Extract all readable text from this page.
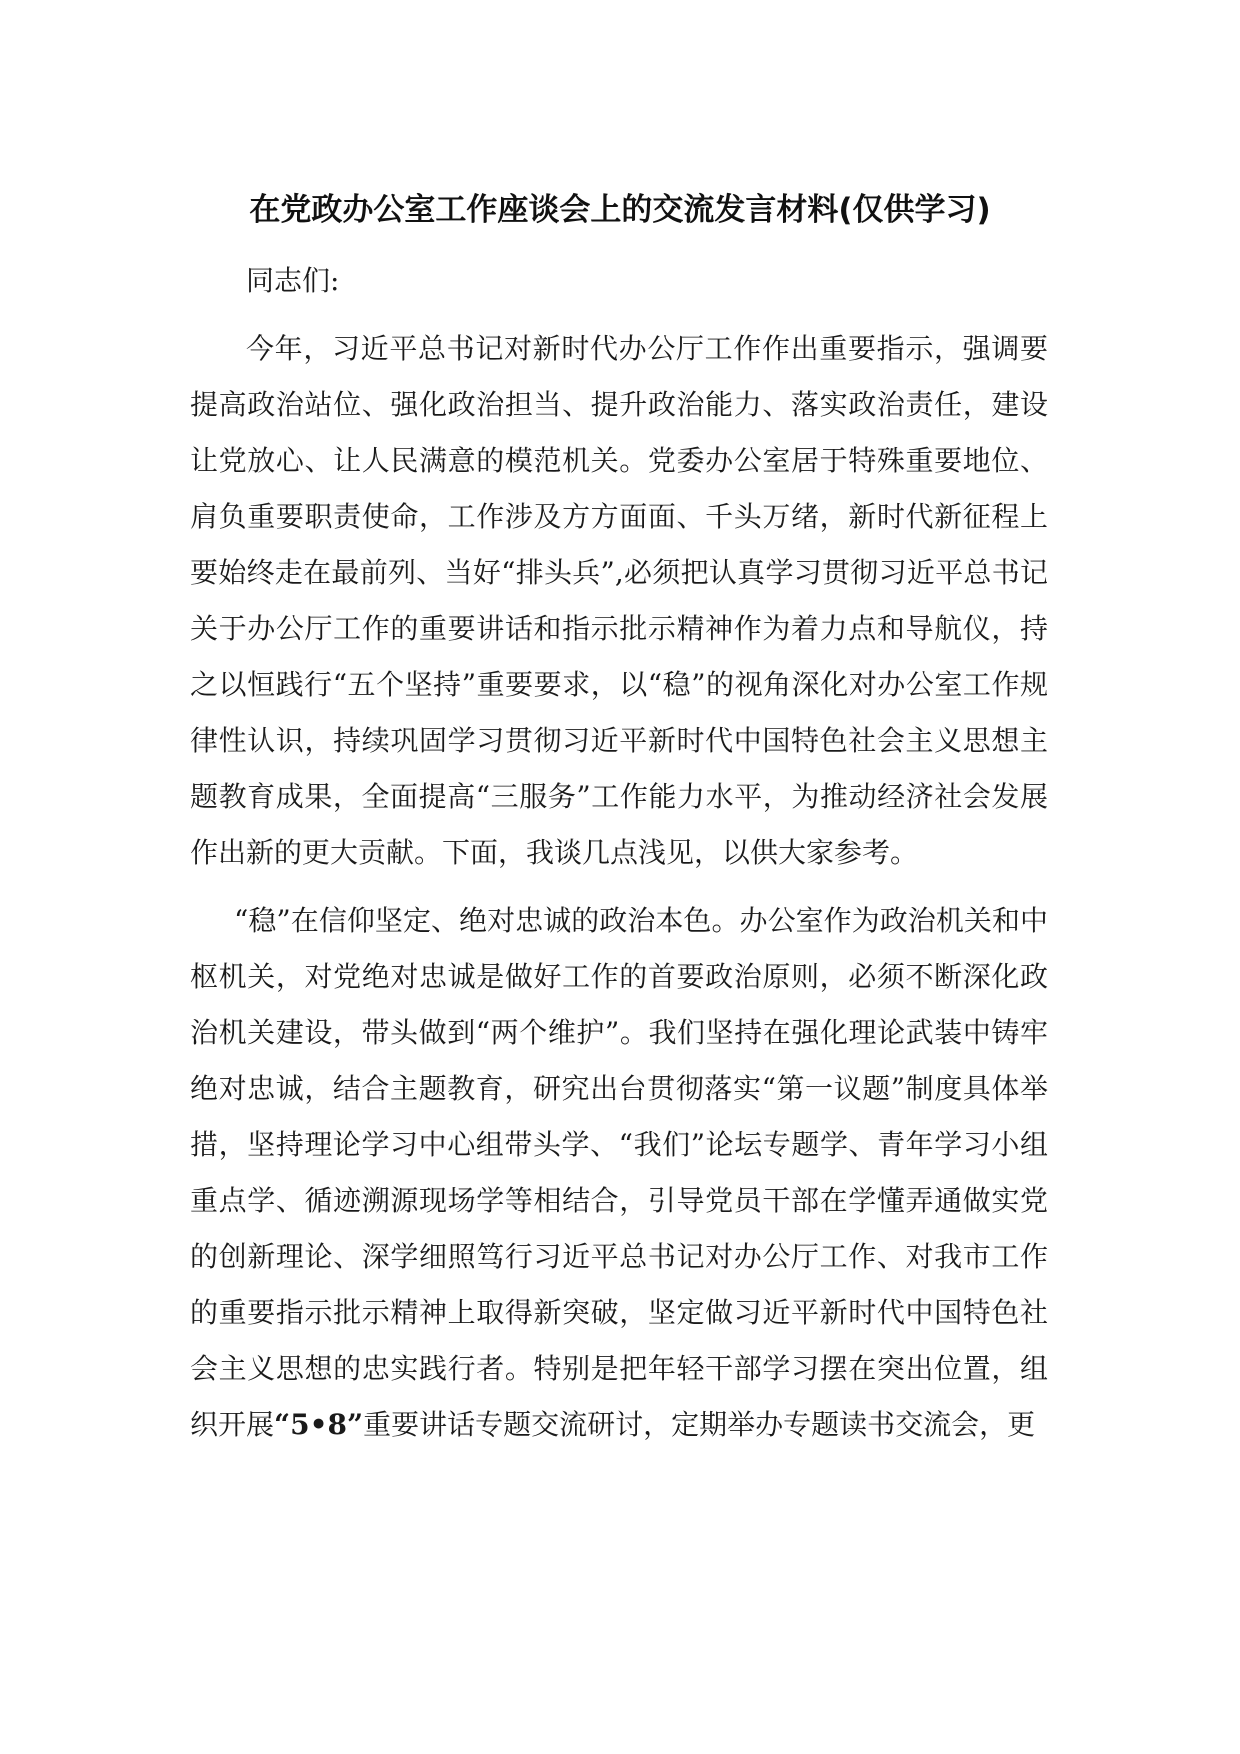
在党政办公室工作座谈会上的交流发言材料(仅供学习)

同志们:

今年，习近平总书记对新时代办公厅工作作出重要指示，强调要提高政治站位、强化政治担当、提升政治能力、落实政治责任，建设让党放心、让人民满意的模范机关。党委办公室居于特殊重要地位、肩负重要职责使命，工作涉及方方面面、千头万绪，新时代新征程上要始终走在最前列、当好“排头兵”,必须把认真学习贯彻习近平总书记关于办公厅工作的重要讲话和指示批示精神作为着力点和导航仪，持之以恒践行“五个坚持”重要要求，以“稳”的视角深化对办公室工作规律性认识，持续巩固学习贯彻习近平新时代中国特色社会主义思想主题教育成果，全面提高“三服务”工作能力水平，为推动经济社会发展作出新的更大贡献。下面，我谈几点浅见，以供大家参考。

“稳”在信仰坚定、绝对忠诚的政治本色。办公室作为政治机关和中枢机关，对党绝对忠诚是做好工作的首要政治原则，必须不断深化政治机关建设，带头做到“两个维护”。我们坚持在强化理论武装中铸牢绝对忠诚，结合主题教育，研究出台贯彻落实“第一议题”制度具体举措，坚持理论学习中心组带头学、“我们”论坛专题学、青年学习小组重点学、循迹溯源现场学等相结合，引导党员干部在学懂弄通做实党的创新理论、深学细照笃行习近平总书记对办公厅工作、对我市工作的重要指示批示精神上取得新突破，坚定做习近平新时代中国特色社会主义思想的忠实践行者。特别是把年轻干部学习摆在突出位置，组织开展“5•8”重要讲话专题交流研讨，定期举办专题读书交流会，更
